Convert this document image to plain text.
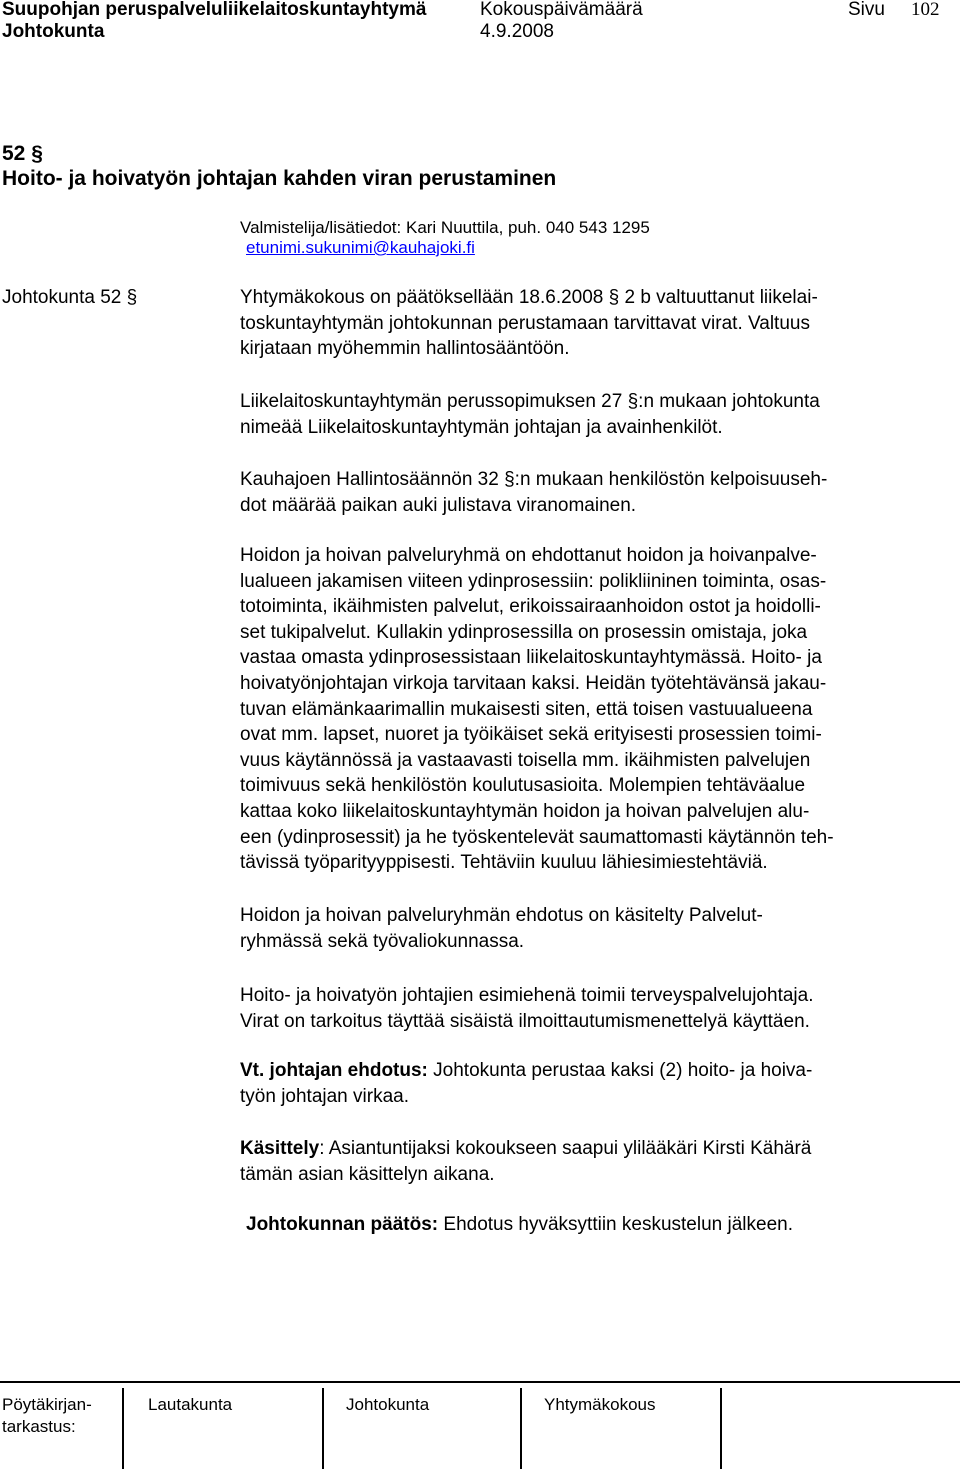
Suupohjan peruspalveluliikelaitoskuntayhtymä	Kokouspäivämäärä	Sivu 102
Johtokunta	4.9.2008
52 §
Hoito- ja hoivatyön johtajan kahden viran perustaminen
Valmistelija/lisätiedot: Kari Nuuttila, puh. 040 543 1295
etunimi.sukunimi@kauhajoki.fi
Johtokunta 52 §	Yhtymäkokous on päätöksellään 18.6.2008 § 2 b valtuuttanut liikelai-
toskuntayhtymän johtokunnan perustamaan tarvittavat virat. Valtuus
kirjataan myöhemmin hallintosääntöön.
Liikelaitoskuntayhtymän perussopimuksen 27 §:n mukaan johtokunta
nimeää Liikelaitoskuntayhtymän johtajan ja avainhenkilöt.
Kauhajoen Hallintosäännön 32 §:n mukaan henkilöstön kelpoisuuseh-
dot määrää paikan auki julistava viranomainen.
Hoidon ja hoivan palveluryhmä on ehdottanut hoidon ja hoivanpalve-
lualueen jakamisen viiteen ydinprosessiin: polikliininen toiminta, osas-
totoiminta, ikäihmisten palvelut, erikoissairaanhoidon ostot ja hoidolli-
set tukipalvelut. Kullakin ydinprosessilla on prosessin omistaja, joka
vastaa omasta ydinprosessistaan liikelaitoskuntayhtymässä. Hoito- ja
hoivatyönjohtajan virkoja tarvitaan kaksi. Heidän työtehtävänsä jakau-
tuvan elämänkaarimallin mukaisesti siten, että toisen vastuualueena
ovat mm. lapset, nuoret ja työikäiset sekä erityisesti prosessien toimi-
vuus käytännössä ja vastaavasti toisella mm. ikäihmisten palvelujen
toimivuus sekä henkilöstön koulutusasioita. Molempien tehtäväalue
kattaa koko liikelaitoskuntayhtymän hoidon ja hoivan palvelujen alu-
een (ydinprosessit) ja he työskentelevät saumattomasti käytännön teh-
tävissä työparityyppisesti. Tehtäviin kuuluu lähiesimiestehtäviä.
Hoidon ja hoivan palveluryhmän ehdotus on käsitelty Palvelut-
ryhmässä sekä työvaliokunnassa.
Hoito- ja hoivatyön johtajien esimiehenä toimii terveyspalvelujohtaja.
Virat on tarkoitus täyttää sisäistä ilmoittautumismenettelyä käyttäen.
Vt. johtajan ehdotus: Johtokunta perustaa kaksi (2) hoito- ja hoiva-
työn johtajan virkaa.
Käsittely: Asiantuntijaksi kokoukseen saapui ylilääkäri Kirsti Kähärä
tämän asian käsittelyn aikana.
Johtokunnan päätös: Ehdotus hyväksyttiin keskustelun jälkeen.
Pöytäkirjan-
tarkastus:
Lautakunta	Johtokunta	Yhtymäkokous
